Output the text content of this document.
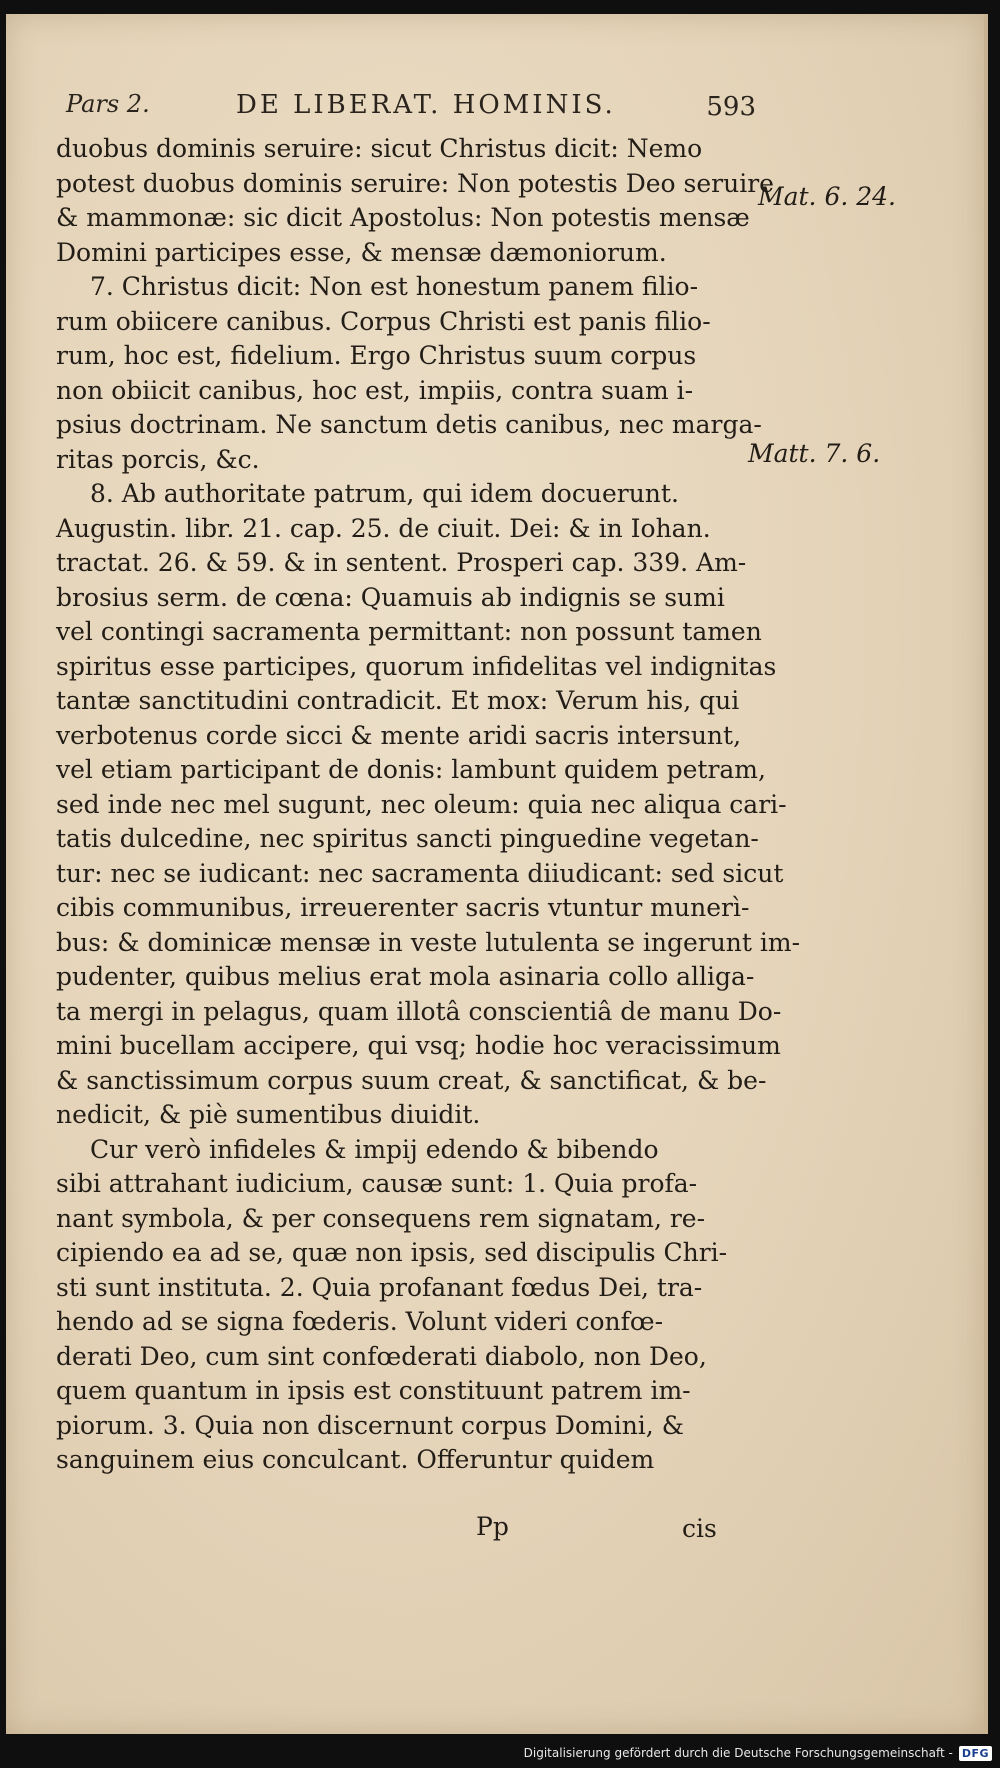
Pars 2.	DE LIBERAT. HOMINIS.	593
duobus dominis seruire: sicut Christus dicit: Nemo
potest duobus dominis seruire: Non potestis Deo seruire
& mammonæ: sic dicit Apostolus: Non potestis mensæ
Domini participes esse, & mensæ dæmoniorum.
7. Christus dicit: Non est honestum panem filio-
rum obiicere canibus. Corpus Christi est panis filio-
rum, hoc est, fidelium. Ergo Christus suum corpus
non obiicit canibus, hoc est, impiis, contra suam i-
psius doctrinam. Ne sanctum detis canibus, nec marga-
ritas porcis, &c.
8. Ab authoritate patrum, qui idem docuerunt.
Augustin. libr. 21. cap. 25. de ciuit. Dei: & in Iohan.
tractat. 26. & 59. & in sentent. Prosperi cap. 339. Am-
brosius serm. de cœna: Quamuis ab indignis se sumi
vel contingi sacramenta permittant: non possunt tamen
spiritus esse participes, quorum infidelitas vel indignitas
tantæ sanctitudini contradicit. Et mox: Verum his, qui
verbotenus corde sicci & mente aridi sacris intersunt,
vel etiam participant de donis: lambunt quidem petram,
sed inde nec mel sugunt, nec oleum: quia nec aliqua cari-
tatis dulcedine, nec spiritus sancti pinguedine vegetan-
tur: nec se iudicant: nec sacramenta diiudicant: sed sicut
cibis communibus, irreuerenter sacris vtuntur munerì-
bus: & dominicæ mensæ in veste lutulenta se ingerunt im-
pudenter, quibus melius erat mola asinaria collo alliga-
ta mergi in pelagus, quam illotâ conscientiâ de manu Do-
mini bucellam accipere, qui vsq; hodie hoc veracissimum
& sanctissimum corpus suum creat, & sanctificat, & be-
nedicit, & piè sumentibus diuidit.
Cur verò infideles & impij edendo & bibendo
sibi attrahant iudicium, causæ sunt: 1. Quia profa-
nant symbola, & per consequens rem signatam, re-
cipiendo ea ad se, quæ non ipsis, sed discipulis Chri-
sti sunt instituta. 2. Quia profanant fœdus Dei, tra-
hendo ad se signa fœderis. Volunt videri confœ-
derati Deo, cum sint confœderati diabolo, non Deo,
quem quantum in ipsis est constituunt patrem im-
piorum. 3. Quia non discernunt corpus Domini, &
sanguinem eius conculcant. Offeruntur quidem
Mat. 6. 24.
Matt. 7. 6.
Pp	cis
Digitalisierung gefördert durch die Deutsche Forschungsgemeinschaft - DFG
